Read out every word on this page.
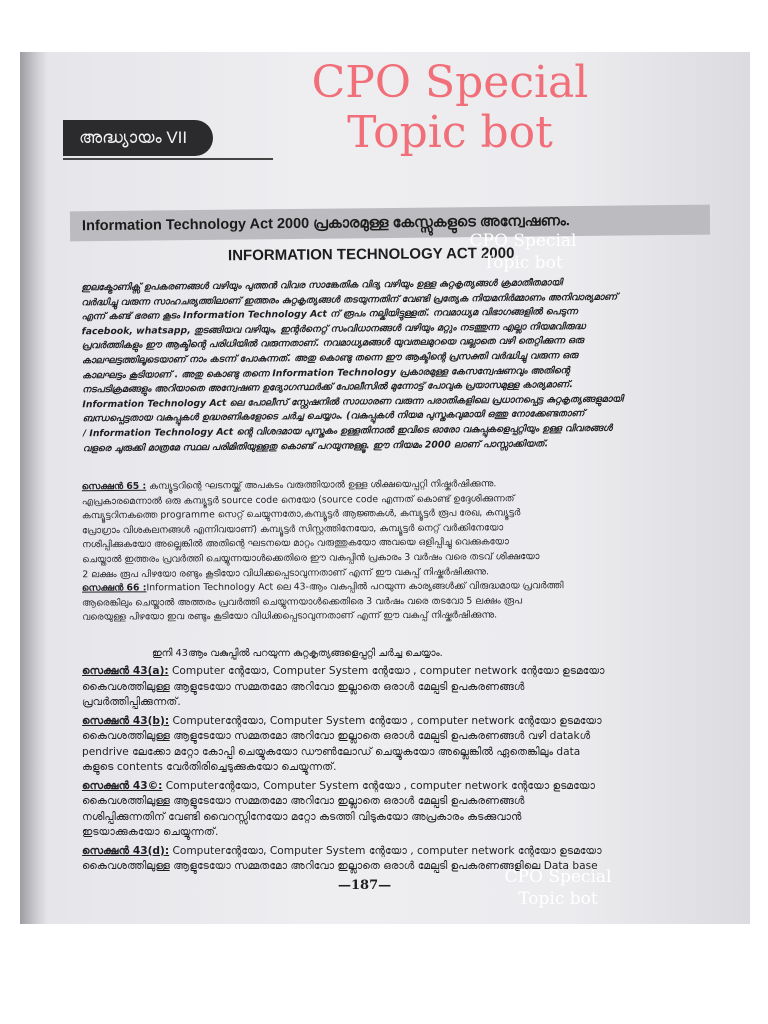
CPO Special
Topic bot
അദ്ധ്യായം VII
Information Technology Act 2000 പ്രകാരമുള്ള കേസ്സുകളുടെ അന്വേഷണം.
INFORMATION TECHNOLOGY ACT 2000
CPO Special
Topic bot
ഇലക്ട്രോണിക്സ് ഉപകരണങ്ങൾ വഴിയും പുത്തൻ വിവര സാങ്കേതിക വിദ്യ വഴിയും ഉള്ള കുറ്റകൃത്യങ്ങൾ ക്രമാതീതമായി
വർദ്ധിച്ചു വരുന്ന സാഹചര്യത്തിലാണ് ഇത്തരം കുറ്റകൃത്യങ്ങൾ തടയുന്നതിന് വേണ്ടി പ്രത്യേക നിയമനിർമ്മാണം അനിവാര്യമാണ്
എന്ന് കണ്ട് ഭരണ കൂടം Information Technology Act ന് രൂപം നല്കിയിട്ടുള്ളത്. നവമാധ്യമ വിഭാഗങ്ങളിൽ പെടുന്ന
facebook, whatsapp, തുടങ്ങിയവ വഴിയും, ഇന്റർനെറ്റ് സംവിധാനങ്ങൾ വഴിയും മറ്റും നടത്തുന്ന എല്ലാ നിയമവിരുദ്ധ
പ്രവർത്തികളും ഈ ആക്ടിന്റെ പരിധിയിൽ വരുന്നതാണ്. നവമാധ്യമങ്ങൾ യുവതലമുറയെ വല്ലാതെ വഴി തെറ്റിക്കുന്ന ഒരു
കാലഘട്ടത്തിലൂടെയാണ് നാം കടന്ന് പോകുന്നത്. അതു കൊണ്ടു തന്നെ ഈ ആക്ടിന്റെ പ്രസക്തി വർദ്ധിച്ചു വരുന്ന ഒരു
കാലഘട്ടം കൂടിയാണ് . അതു കൊണ്ടു തന്നെ Information Technology പ്രകാരമുള്ള കേസന്വേഷണവും അതിന്റെ
നടപടിക്രമങ്ങളും അറിയാതെ അന്വേഷണ ഉദ്യോഗസ്ഥർക്ക് പോലീസിൽ മുന്നോട്ട് പോവുക പ്രയാസമുള്ള കാര്യമാണ്.
Information Technology Act ലെ പോലീസ് സ്റ്റേഷനിൽ സാധാരണ വരുന്ന പരാതികളിലെ പ്രധാനപ്പെട്ട കുറ്റകൃത്യങ്ങളുമായി
ബന്ധപ്പെട്ടതായ വകുപ്പുകൾ ഉദ്ധരണികളോടെ ചർച്ച ചെയ്യാം. (വകുപ്പുകൾ നിയമ പുസ്തകവുമായി ഒത്തു നോക്കേണ്ടതാണ്
/ Information Technology Act ന്റെ വിശദമായ പുസ്തകം ഉള്ളതിനാൽ ഇവിടെ ഓരോ വകുപ്പുകളെപ്പറ്റിയും ഉള്ള വിവരങ്ങൾ
വളരെ ചുരുക്കി മാത്രമേ സ്ഥല പരിമിതിയുള്ളതു കൊണ്ട് പറയുന്നുള്ളൂ. ഈ നിയമം 2000 ലാണ് പാസ്സാക്കിയത്.
സെക്ഷൻ 65 : കമ്പ്യൂട്ടറിന്റെ ഘടനയ്ക്ക് അപകടം വരുത്തിയാൽ ഉള്ള ശിക്ഷയെപ്പറ്റി നിഷ്കർഷിക്കുന്നു.
എപ്രകാരമെന്നാൽ ഒരു കമ്പ്യൂട്ടർ source code നെയോ (source code എന്നത് കൊണ്ട് ഉദ്ദേശിക്കുന്നത്
കമ്പ്യൂട്ടറിനകത്തെ programme സെറ്റ് ചെയ്യുന്നതോ,കമ്പ്യൂട്ടർ ആജ്ഞകൾ, കമ്പ്യൂട്ടർ രൂപ രേഖ, കമ്പ്യൂട്ടർ
പ്രോഗ്രാം വിശകലനങ്ങൾ എന്നിവയാണ്) കമ്പ്യൂട്ടർ സിസ്റ്റത്തിനേയോ, കമ്പ്യൂട്ടർ നെറ്റ് വർക്കിനേയോ
നശിപ്പിക്കുകയോ അല്ലെങ്കിൽ അതിന്റെ ഘടനയെ മാറ്റം വരുത്തുകയോ അവയെ ഒളിപ്പിച്ചു വെക്കുകയോ
ചെയ്താൽ ഇത്തരം പ്രവർത്തി ചെയ്യുന്നയാൾക്കെതിരെ ഈ വകുപ്പിൻ പ്രകാരം 3 വർഷം വരെ തടവ് ശിക്ഷയോ
2 ലക്ഷം രൂപ പിഴയോ രണ്ടും കൂടിയോ വിധിക്കപ്പെടാവുന്നതാണ് എന്ന് ഈ വകുപ്പ് നിഷ്കർഷിക്കുന്നു.
സെക്ഷൻ 66 :Information Technology Act ലെ 43-ആം വകുപ്പിൽ പറയുന്ന കാര്യങ്ങൾക്ക് വിരുദ്ധമായ പ്രവർത്തി
ആരെങ്കിലും ചെയ്താൽ അത്തരം പ്രവർത്തി ചെയ്യുന്നയാൾക്കെതിരെ 3 വർഷം വരെ തടവോ 5 ലക്ഷം രൂപ
വരെയുള്ള പിഴയോ ഇവ രണ്ടും കൂടിയോ വിധിക്കപ്പെടാവുന്നതാണ് എന്ന് ഈ വകുപ്പ് നിഷ്കർഷിക്കുന്നു.
ഇനി 43ആം വകുപ്പിൽ പറയുന്ന കുറ്റകൃത്യങ്ങളെപ്പറ്റി ചർച്ച ചെയ്യാം.
സെക്ഷൻ 43(a): Computer ന്റേയോ, Computer System ന്റേയോ , computer network ന്റേയോ ഉടമയോ
കൈവശത്തിലുള്ള ആളുടേയോ സമ്മതമോ അറിവോ ഇല്ലാതെ ഒരാൾ മേല്പടി ഉപകരണങ്ങൾ
പ്രവർത്തിപ്പിക്കുന്നത്.
സെക്ഷൻ 43(b): Computerന്റേയോ, Computer System ന്റേയോ , computer network ന്റേയോ ഉടമയോ
കൈവശത്തിലുള്ള ആളുടേയോ സമ്മതമോ അറിവോ ഇല്ലാതെ ഒരാൾ മേല്പടി ഉപകരണങ്ങൾ വഴി datakൾ
pendrive ലേക്കോ മറ്റോ കോപ്പി ചെയ്യുകയോ ഡൗൺലോഡ് ചെയ്യുകയോ അല്ലെങ്കിൽ ഏതെങ്കിലും data
കളുടെ contents വേർതിരിച്ചെടുക്കുകയോ ചെയ്യുന്നത്.
സെക്ഷൻ 43©: Computerന്റേയോ, Computer System ന്റേയോ , computer network ന്റേയോ ഉടമയോ
കൈവശത്തിലുള്ള ആളുടേയോ സമ്മതമോ അറിവോ ഇല്ലാതെ ഒരാൾ മേല്പടി ഉപകരണങ്ങൾ
നശിപ്പിക്കുന്നതിന് വേണ്ടി വൈറസ്സിനേയോ മറ്റോ കടത്തി വിടുകയോ അപ്രകാരം കടക്കുവാൻ
ഇടയാക്കുകയോ ചെയ്യുന്നത്.
സെക്ഷൻ 43(d): Computerന്റേയോ, Computer System ന്റേയോ , computer network ന്റേയോ ഉടമയോ
കൈവശത്തിലുള്ള ആളുടേയോ സമ്മതമോ അറിവോ ഇല്ലാതെ ഒരാൾ മേല്പടി ഉപകരണങ്ങളിലെ Data base
—187—	CPO Special
Topic bot
